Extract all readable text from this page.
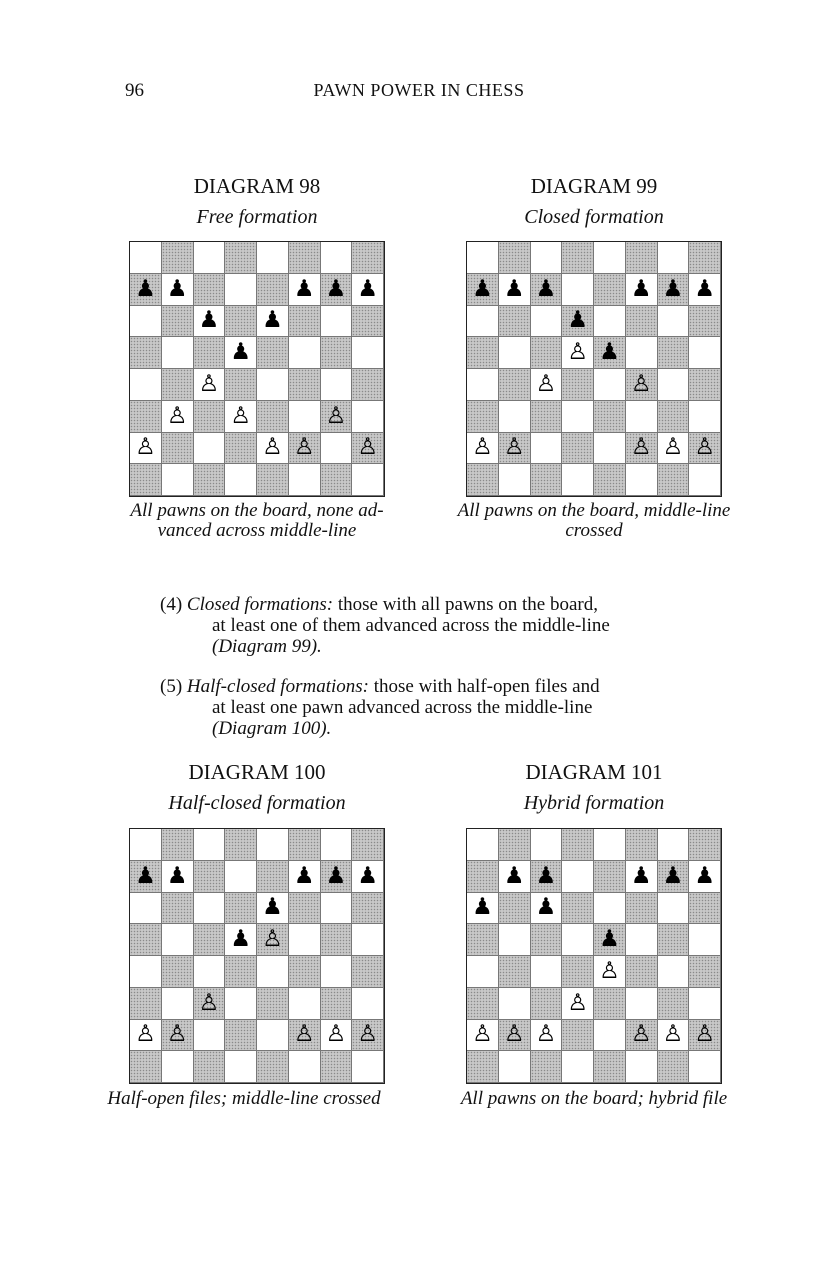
96	PAWN POWER IN CHESS
DIAGRAM 98
Free formation
♟ ♟	♟ ♟ ♟
♟ ♟
♟
♙
♙ ♙	♙
♙	♙ ♙ ♙
All pawns on the board, none ad-
vanced across middle-line
DIAGRAM 99
Closed formation
♟ ♟ ♟	♟ ♟ ♟
♟
♙ ♟
♙	♙
♙ ♙	♙ ♙ ♙
All pawns on the board, middle-line
crossed
(4) Closed formations: those with all pawns on the board,
at least one of them advanced across the middle-line
(Diagram 99).
(5) Half-closed formations: those with half-open files and
at least one pawn advanced across the middle-line
(Diagram 100).
DIAGRAM 100
Half-closed formation
♟ ♟	♟ ♟ ♟
♟
♟ ♙
♙
♙ ♙	♙ ♙ ♙
Half-open files; middle-line crossed
DIAGRAM 101
Hybrid formation
♟ ♟	♟ ♟ ♟
♟ ♟
♟
♙
♙
♙ ♙ ♙	♙ ♙ ♙
All pawns on the board; hybrid file
